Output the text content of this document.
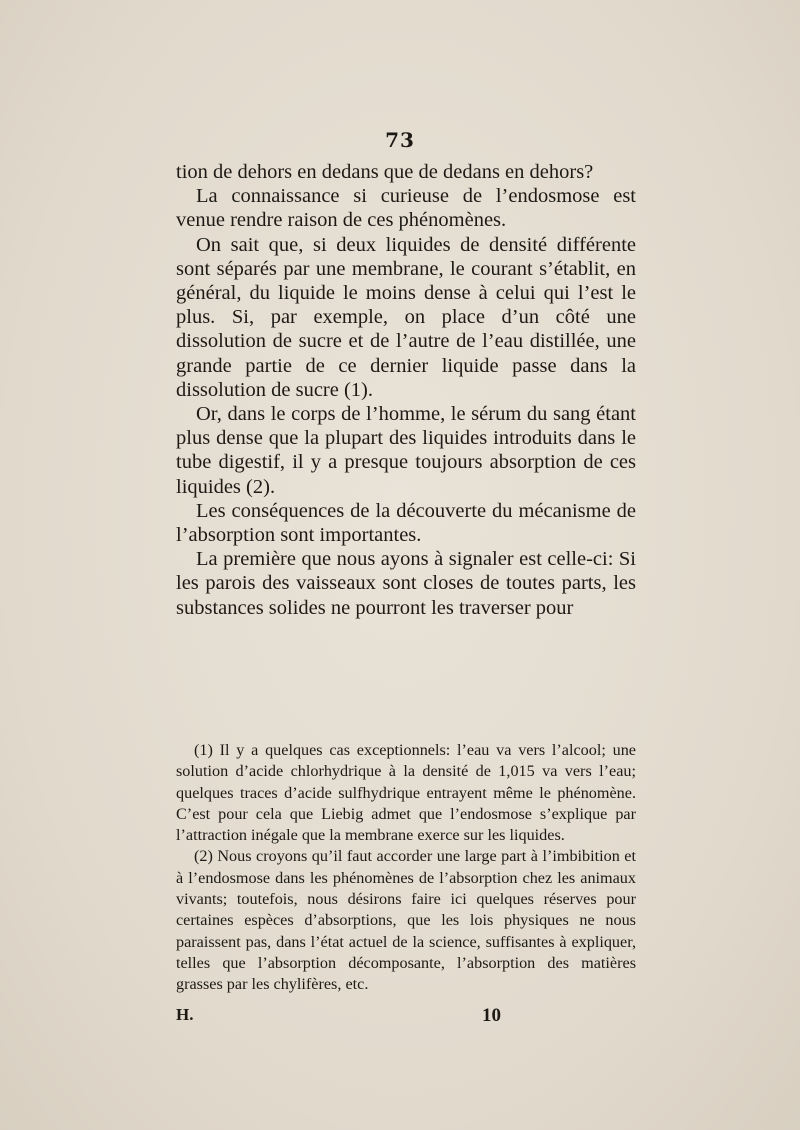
73

tion de dehors en dedans que de dedans en dehors?

La connaissance si curieuse de l’endosmose est venue rendre raison de ces phénomènes.

On sait que, si deux liquides de densité différente sont séparés par une membrane, le courant s’établit, en général, du liquide le moins dense à celui qui l’est le plus. Si, par exemple, on place d’un côté une dissolution de sucre et de l’autre de l’eau distillée, une grande partie de ce dernier liquide passe dans la dissolution de sucre (1).

Or, dans le corps de l’homme, le sérum du sang étant plus dense que la plupart des liquides introduits dans le tube digestif, il y a presque toujours absorption de ces liquides (2).

Les conséquences de la découverte du mécanisme de l’absorption sont importantes.

La première que nous ayons à signaler est celle-ci: Si les parois des vaisseaux sont closes de toutes parts, les substances solides ne pourront les traverser pour

(1) Il y a quelques cas exceptionnels: l’eau va vers l’alcool; une solution d’acide chlorhydrique à la densité de 1,015 va vers l’eau; quelques traces d’acide sulfhydrique entrayent même le phénomène. C’est pour cela que Liebig admet que l’endosmose s’explique par l’attraction inégale que la membrane exerce sur les liquides.

(2) Nous croyons qu’il faut accorder une large part à l’imbibition et à l’endosmose dans les phénomènes de l’absorption chez les animaux vivants; toutefois, nous désirons faire ici quelques réserves pour certaines espèces d’absorptions, que les lois physiques ne nous paraissent pas, dans l’état actuel de la science, suffisantes à expliquer, telles que l’absorption décomposante, l’absorption des matières grasses par les chylifères, etc.

H.	10
